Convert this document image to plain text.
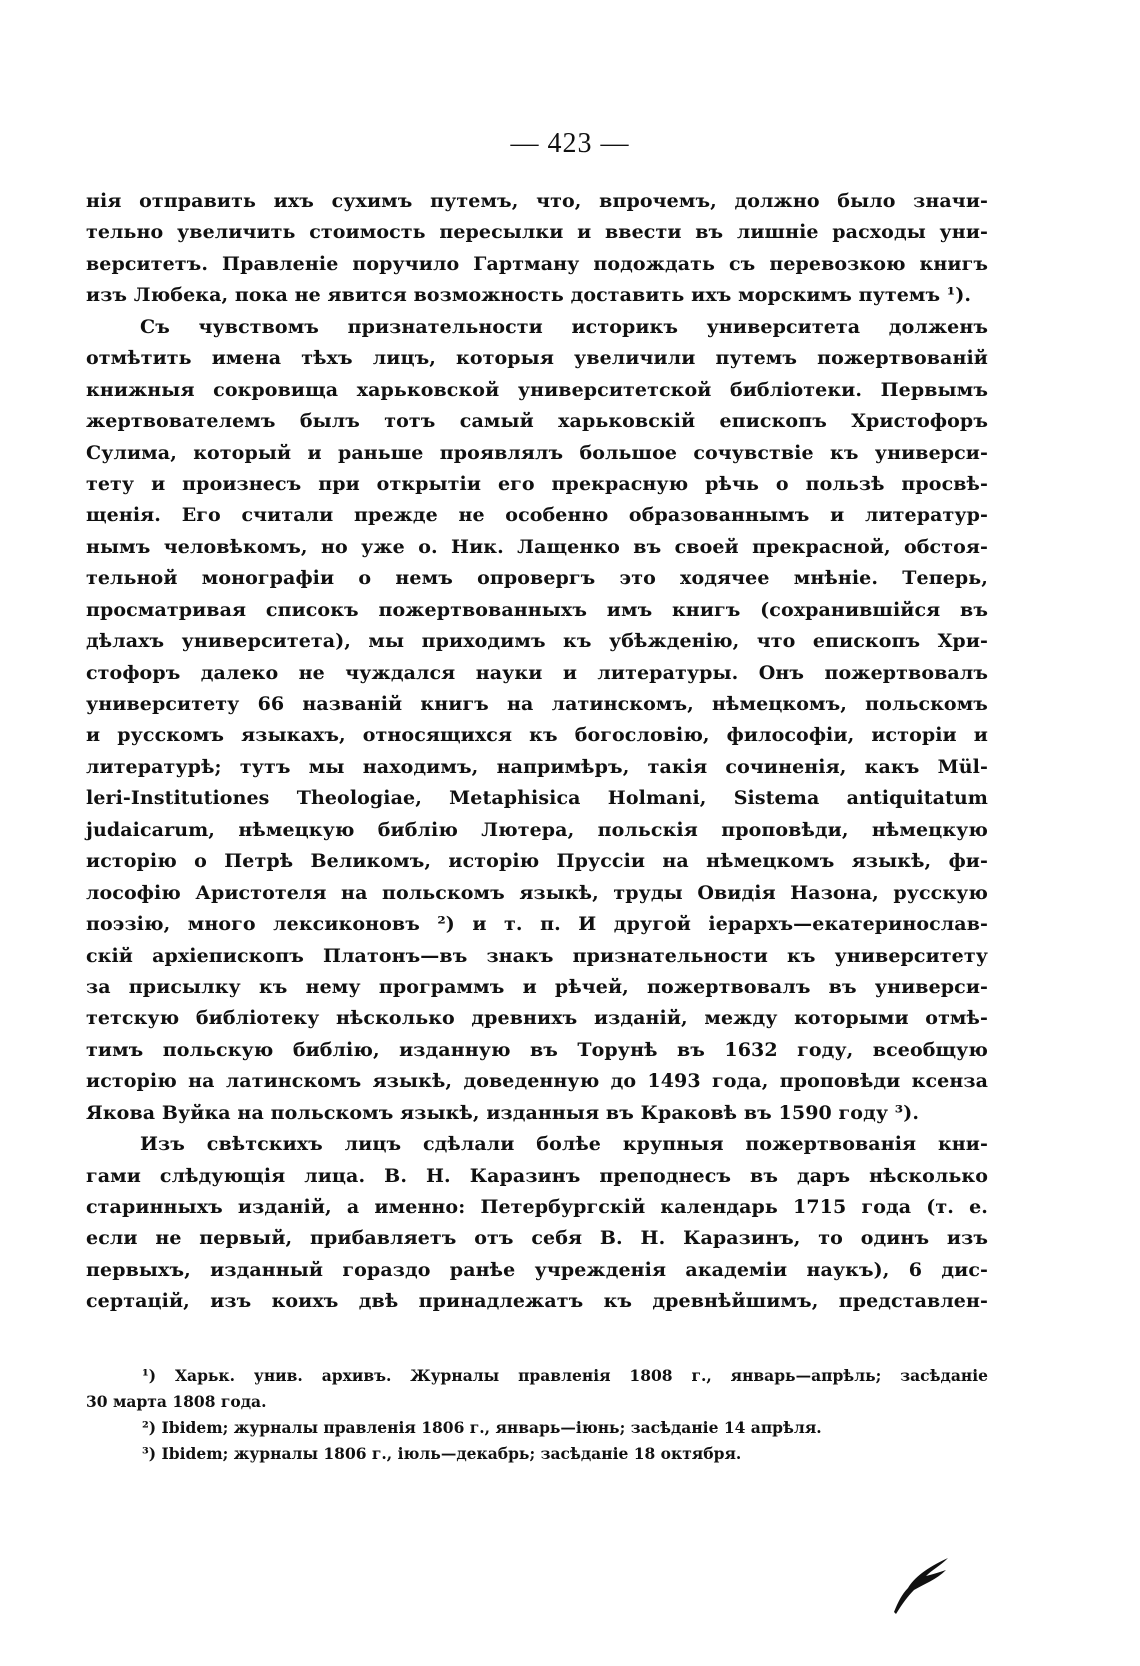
— 423 —
нія отправить ихъ сухимъ путемъ, что, впрочемъ, должно было значи-
тельно увеличить стоимость пересылки и ввести въ лишніе расходы уни-
верситетъ. Правленіе поручило Гартману подождать съ перевозкою книгъ
изъ Любека, пока не явится возможность доставить ихъ морскимъ путемъ ¹).
Съ чувствомъ признательности историкъ университета долженъ
отмѣтить имена тѣхъ лицъ, которыя увеличили путемъ пожертвованій
книжныя сокровища харьковской университетской библіотеки. Первымъ
жертвователемъ былъ тотъ самый харьковскій епископъ Христофоръ
Сулима, который и раньше проявлялъ большое сочувствіе къ универси-
тету и произнесъ при открытіи его прекрасную рѣчь о пользѣ просвѣ-
щенія. Его считали прежде не особенно образованнымъ и литератур-
нымъ человѣкомъ, но уже о. Ник. Лащенко въ своей прекрасной, обстоя-
тельной монографіи о немъ опровергъ это ходячее мнѣніе. Теперь,
просматривая списокъ пожертвованныхъ имъ книгъ (сохранившійся въ
дѣлахъ университета), мы приходимъ къ убѣжденію, что епископъ Хри-
стофоръ далеко не чуждался науки и литературы. Онъ пожертвовалъ
университету 66 названій книгъ на латинскомъ, нѣмецкомъ, польскомъ
и русскомъ языкахъ, относящихся къ богословію, философіи, исторіи и
литературѣ; тутъ мы находимъ, напримѣръ, такія сочиненія, какъ Mül-
leri-Institutiones Theologiae, Metaphisica Holmani, Sistema antiquitatum
judaicarum, нѣмецкую библію Лютера, польскія проповѣди, нѣмецкую
исторію о Петрѣ Великомъ, исторію Пруссіи на нѣмецкомъ языкѣ, фи-
лософію Аристотеля на польскомъ языкѣ, труды Овидія Назона, русскую
поэзію, много лексиконовъ ²) и т. п. И другой іерархъ—екатеринослав-
скій архіепископъ Платонъ—въ знакъ признательности къ университету
за присылку къ нему программъ и рѣчей, пожертвовалъ въ универси-
тетскую библіотеку нѣсколько древнихъ изданій, между которыми отмѣ-
тимъ польскую библію, изданную въ Торунѣ въ 1632 году, всеобщую
исторію на латинскомъ языкѣ, доведенную до 1493 года, проповѣди ксенза
Якова Вуйка на польскомъ языкѣ, изданныя въ Краковѣ въ 1590 году ³).
Изъ свѣтскихъ лицъ сдѣлали болѣе крупныя пожертвованія кни-
гами слѣдующія лица. В. Н. Каразинъ преподнесъ въ даръ нѣсколько
старинныхъ изданій, а именно: Петербургскій календарь 1715 года (т. е.
если не первый, прибавляетъ отъ себя В. Н. Каразинъ, то одинъ изъ
первыхъ, изданный гораздо ранѣе учрежденія академіи наукъ), 6 дис-
сертацій, изъ коихъ двѣ принадлежатъ къ древнѣйшимъ, представлен-
¹) Харьк. унив. архивъ. Журналы правленія 1808 г., январь—апрѣль; засѣданіе
30 марта 1808 года.
²) Ibidem; журналы правленія 1806 г., январь—іюнь; засѣданіе 14 апрѣля.
³) Ibidem; журналы 1806 г., іюль—декабрь; засѣданіе 18 октября.
